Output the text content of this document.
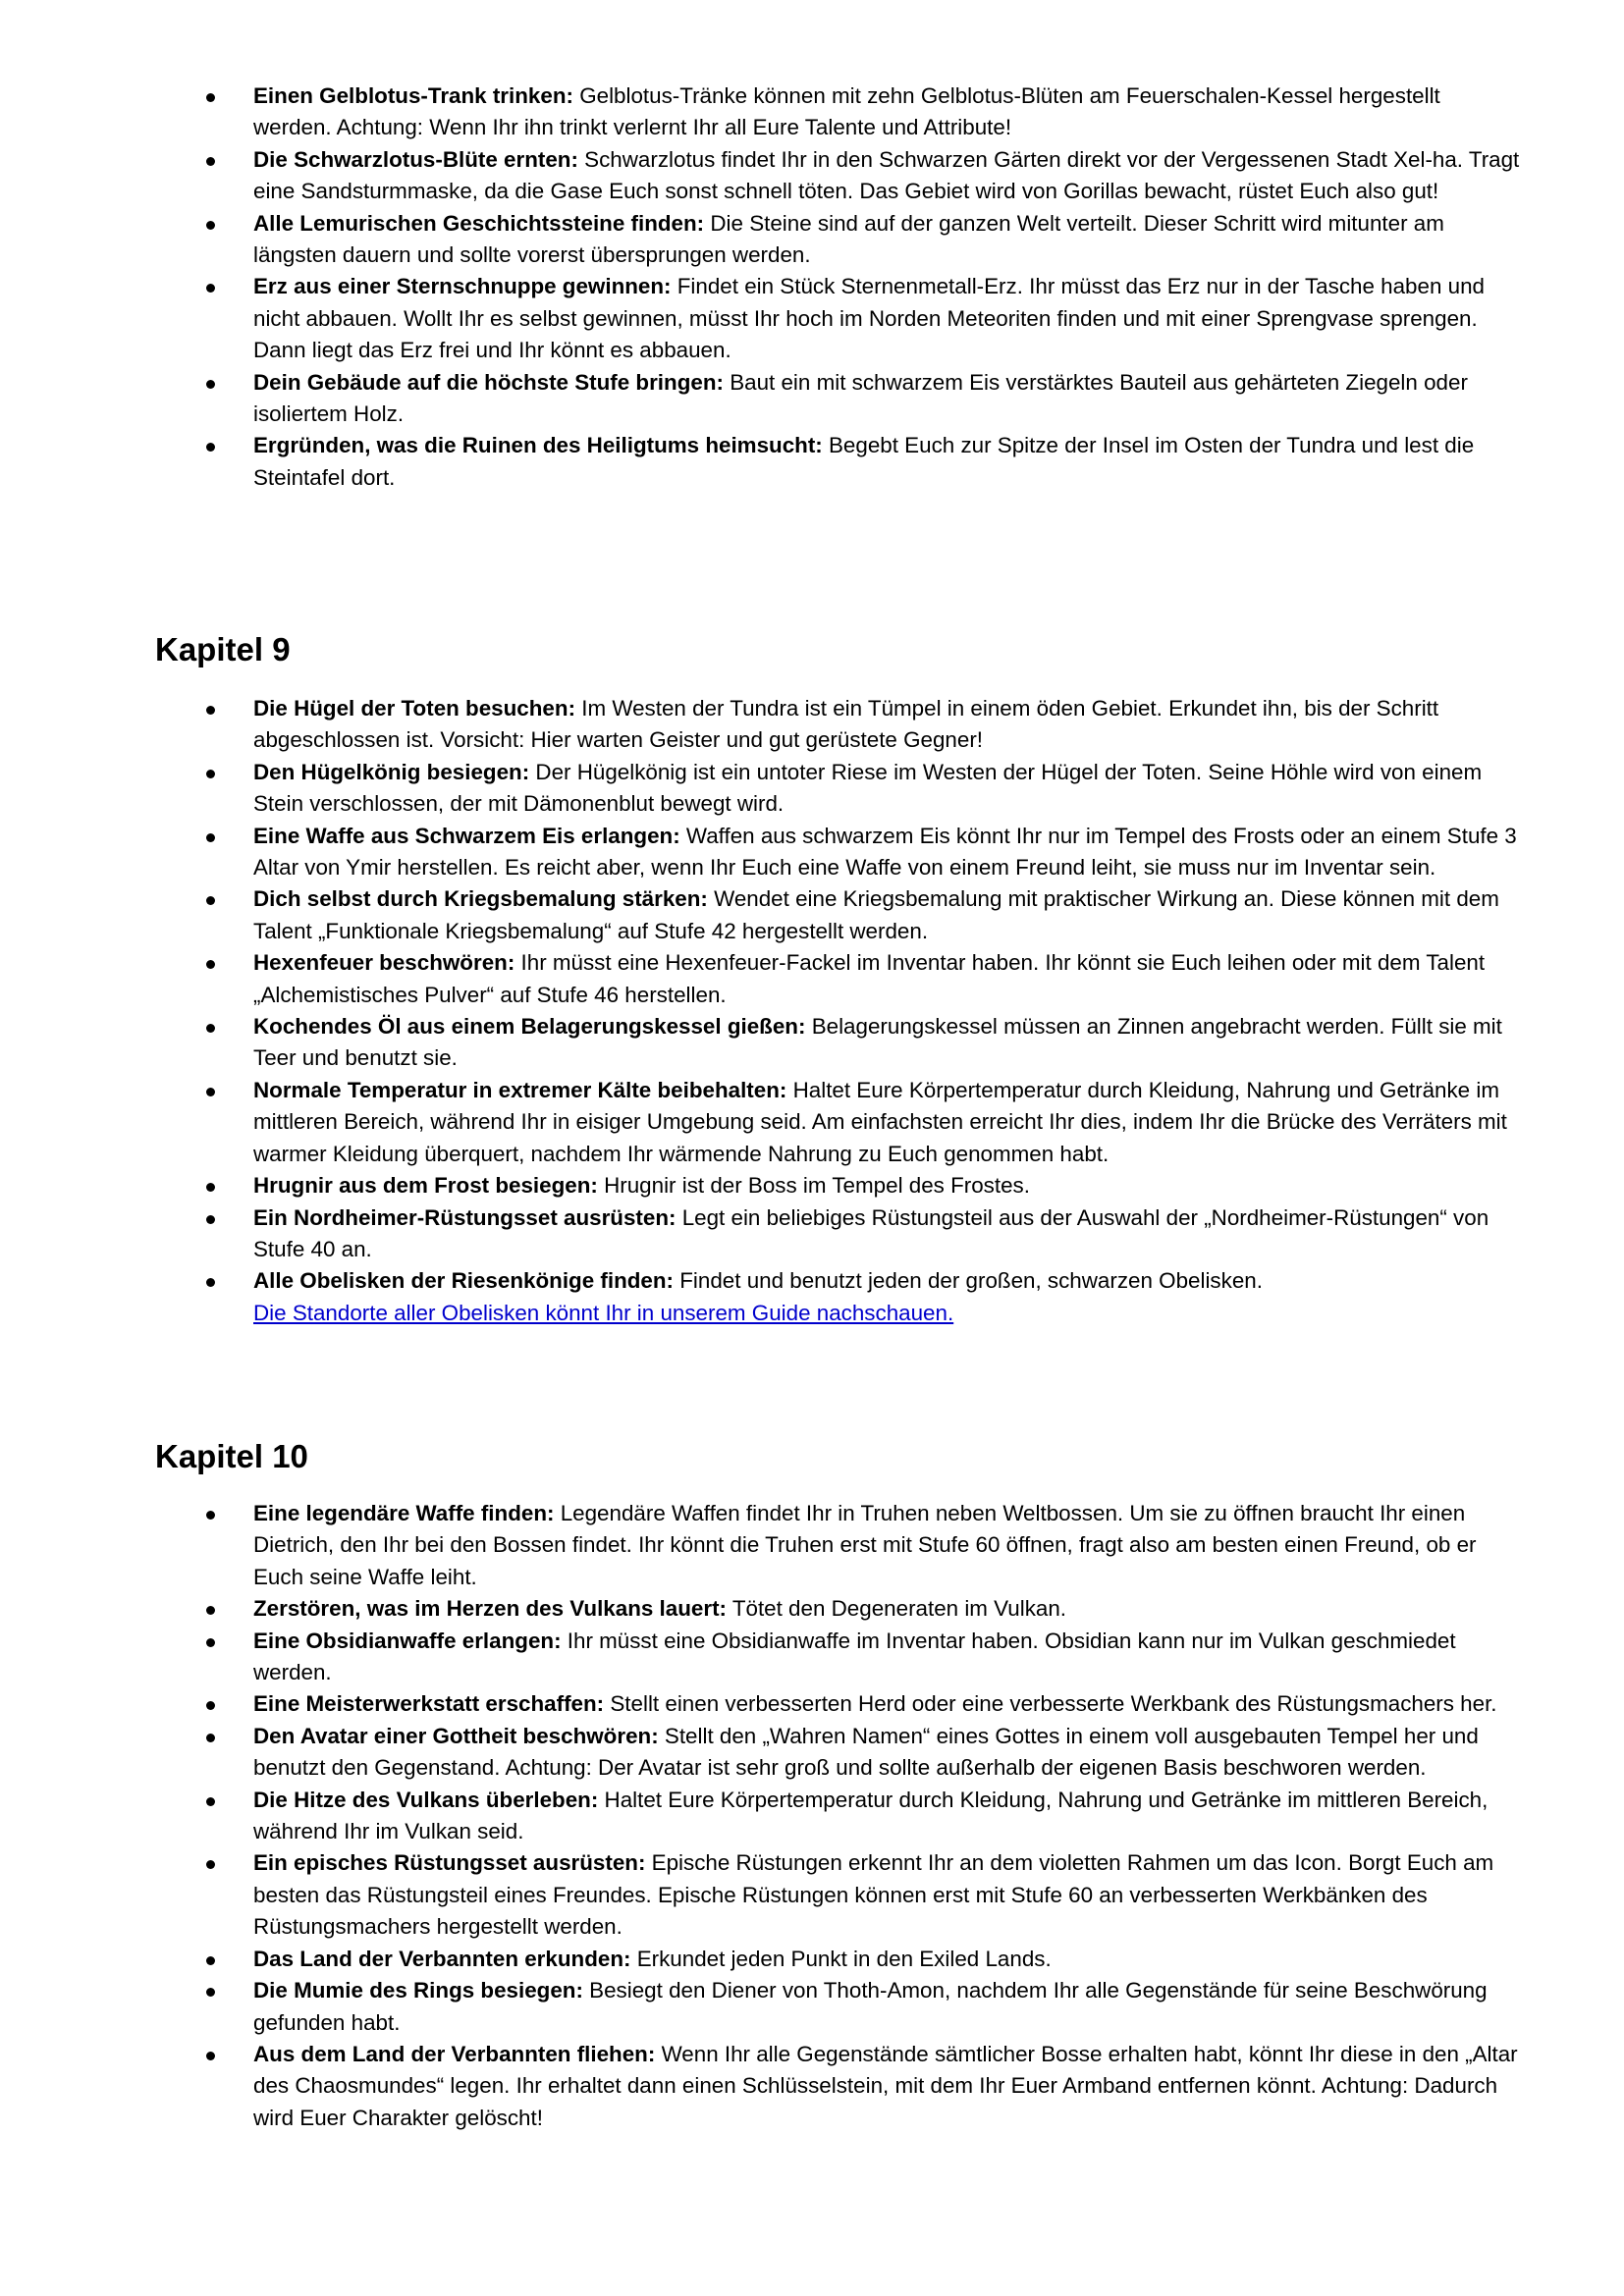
Einen Gelblotus-Trank trinken: Gelblotus-Tränke können mit zehn Gelblotus-Blüten am Feuerschalen-Kessel hergestellt werden. Achtung: Wenn Ihr ihn trinkt verlernt Ihr all Eure Talente und Attribute!
Die Schwarzlotus-Blüte ernten: Schwarzlotus findet Ihr in den Schwarzen Gärten direkt vor der Vergessenen Stadt Xel-ha. Tragt eine Sandsturmmaske, da die Gase Euch sonst schnell töten. Das Gebiet wird von Gorillas bewacht, rüstet Euch also gut!
Alle Lemurischen Geschichtssteine finden: Die Steine sind auf der ganzen Welt verteilt. Dieser Schritt wird mitunter am längsten dauern und sollte vorerst übersprungen werden.
Erz aus einer Sternschnuppe gewinnen: Findet ein Stück Sternenmetall-Erz. Ihr müsst das Erz nur in der Tasche haben und nicht abbauen. Wollt Ihr es selbst gewinnen, müsst Ihr hoch im Norden Meteoriten finden und mit einer Sprengvase sprengen. Dann liegt das Erz frei und Ihr könnt es abbauen.
Dein Gebäude auf die höchste Stufe bringen: Baut ein mit schwarzem Eis verstärktes Bauteil aus gehärteten Ziegeln oder isoliertem Holz.
Ergründen, was die Ruinen des Heiligtums heimsucht: Begebt Euch zur Spitze der Insel im Osten der Tundra und lest die Steintafel dort.
Kapitel 9
Die Hügel der Toten besuchen: Im Westen der Tundra ist ein Tümpel in einem öden Gebiet. Erkundet ihn, bis der Schritt abgeschlossen ist. Vorsicht: Hier warten Geister und gut gerüstete Gegner!
Den Hügelkönig besiegen: Der Hügelkönig ist ein untoter Riese im Westen der Hügel der Toten. Seine Höhle wird von einem Stein verschlossen, der mit Dämonenblut bewegt wird.
Eine Waffe aus Schwarzem Eis erlangen: Waffen aus schwarzem Eis könnt Ihr nur im Tempel des Frosts oder an einem Stufe 3 Altar von Ymir herstellen. Es reicht aber, wenn Ihr Euch eine Waffe von einem Freund leiht, sie muss nur im Inventar sein.
Dich selbst durch Kriegsbemalung stärken: Wendet eine Kriegsbemalung mit praktischer Wirkung an. Diese können mit dem Talent „Funktionale Kriegsbemalung“ auf Stufe 42 hergestellt werden.
Hexenfeuer beschwören: Ihr müsst eine Hexenfeuer-Fackel im Inventar haben. Ihr könnt sie Euch leihen oder mit dem Talent „Alchemistisches Pulver“ auf Stufe 46 herstellen.
Kochendes Öl aus einem Belagerungskessel gießen: Belagerungskessel müssen an Zinnen angebracht werden. Füllt sie mit Teer und benutzt sie.
Normale Temperatur in extremer Kälte beibehalten: Haltet Eure Körpertemperatur durch Kleidung, Nahrung und Getränke im mittleren Bereich, während Ihr in eisiger Umgebung seid. Am einfachsten erreicht Ihr dies, indem Ihr die Brücke des Verräters mit warmer Kleidung überquert, nachdem Ihr wärmende Nahrung zu Euch genommen habt.
Hrugnir aus dem Frost besiegen: Hrugnir ist der Boss im Tempel des Frostes.
Ein Nordheimer-Rüstungsset ausrüsten: Legt ein beliebiges Rüstungsteil aus der Auswahl der „Nordheimer-Rüstungen“ von Stufe 40 an.
Alle Obelisken der Riesenkönige finden: Findet und benutzt jeden der großen, schwarzen Obelisken.
Die Standorte aller Obelisken könnt Ihr in unserem Guide nachschauen.
Kapitel 10
Eine legendäre Waffe finden: Legendäre Waffen findet Ihr in Truhen neben Weltbossen. Um sie zu öffnen braucht Ihr einen Dietrich, den Ihr bei den Bossen findet. Ihr könnt die Truhen erst mit Stufe 60 öffnen, fragt also am besten einen Freund, ob er Euch seine Waffe leiht.
Zerstören, was im Herzen des Vulkans lauert: Tötet den Degeneraten im Vulkan.
Eine Obsidianwaffe erlangen: Ihr müsst eine Obsidianwaffe im Inventar haben. Obsidian kann nur im Vulkan geschmiedet werden.
Eine Meisterwerkstatt erschaffen: Stellt einen verbesserten Herd oder eine verbesserte Werkbank des Rüstungsmachers her.
Den Avatar einer Gottheit beschwören: Stellt den „Wahren Namen“ eines Gottes in einem voll ausgebauten Tempel her und benutzt den Gegenstand. Achtung: Der Avatar ist sehr groß und sollte außerhalb der eigenen Basis beschworen werden.
Die Hitze des Vulkans überleben: Haltet Eure Körpertemperatur durch Kleidung, Nahrung und Getränke im mittleren Bereich, während Ihr im Vulkan seid.
Ein episches Rüstungsset ausrüsten: Epische Rüstungen erkennt Ihr an dem violetten Rahmen um das Icon. Borgt Euch am besten das Rüstungsteil eines Freundes. Epische Rüstungen können erst mit Stufe 60 an verbesserten Werkbänken des Rüstungsmachers hergestellt werden.
Das Land der Verbannten erkunden: Erkundet jeden Punkt in den Exiled Lands.
Die Mumie des Rings besiegen: Besiegt den Diener von Thoth-Amon, nachdem Ihr alle Gegenstände für seine Beschwörung gefunden habt.
Aus dem Land der Verbannten fliehen: Wenn Ihr alle Gegenstände sämtlicher Bosse erhalten habt, könnt Ihr diese in den „Altar des Chaosmundes“ legen. Ihr erhaltet dann einen Schlüsselstein, mit dem Ihr Euer Armband entfernen könnt. Achtung: Dadurch wird Euer Charakter gelöscht!
